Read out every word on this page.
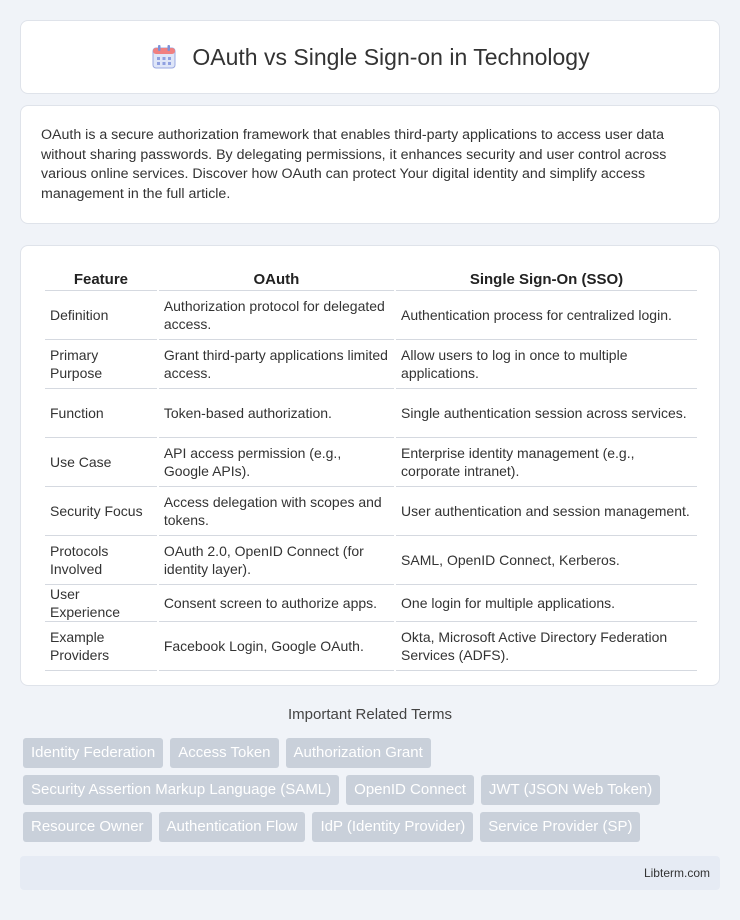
OAuth vs Single Sign-on in Technology

OAuth is a secure authorization framework that enables third-party applications to access user data without sharing passwords. By delegating permissions, it enhances security and user control across various online services. Discover how OAuth can protect Your digital identity and simplify access management in the full article.

Feature	OAuth	Single Sign-On (SSO)
Definition	Authorization protocol for delegated access.	Authentication process for centralized login.
Primary Purpose	Grant third-party applications limited access.	Allow users to log in once to multiple applications.
Function	Token-based authorization.	Single authentication session across services.
Use Case	API access permission (e.g., Google APIs).	Enterprise identity management (e.g., corporate intranet).
Security Focus	Access delegation with scopes and tokens.	User authentication and session management.
Protocols Involved	OAuth 2.0, OpenID Connect (for identity layer).	SAML, OpenID Connect, Kerberos.
User Experience	Consent screen to authorize apps.	One login for multiple applications.
Example Providers	Facebook Login, Google OAuth.	Okta, Microsoft Active Directory Federation Services (ADFS).
Important Related Terms
Identity Federation	Access Token	Authorization Grant
Security Assertion Markup Language (SAML)	OpenID Connect	JWT (JSON Web Token)
Resource Owner	Authentication Flow	IdP (Identity Provider)	Service Provider (SP)
Libterm.com
